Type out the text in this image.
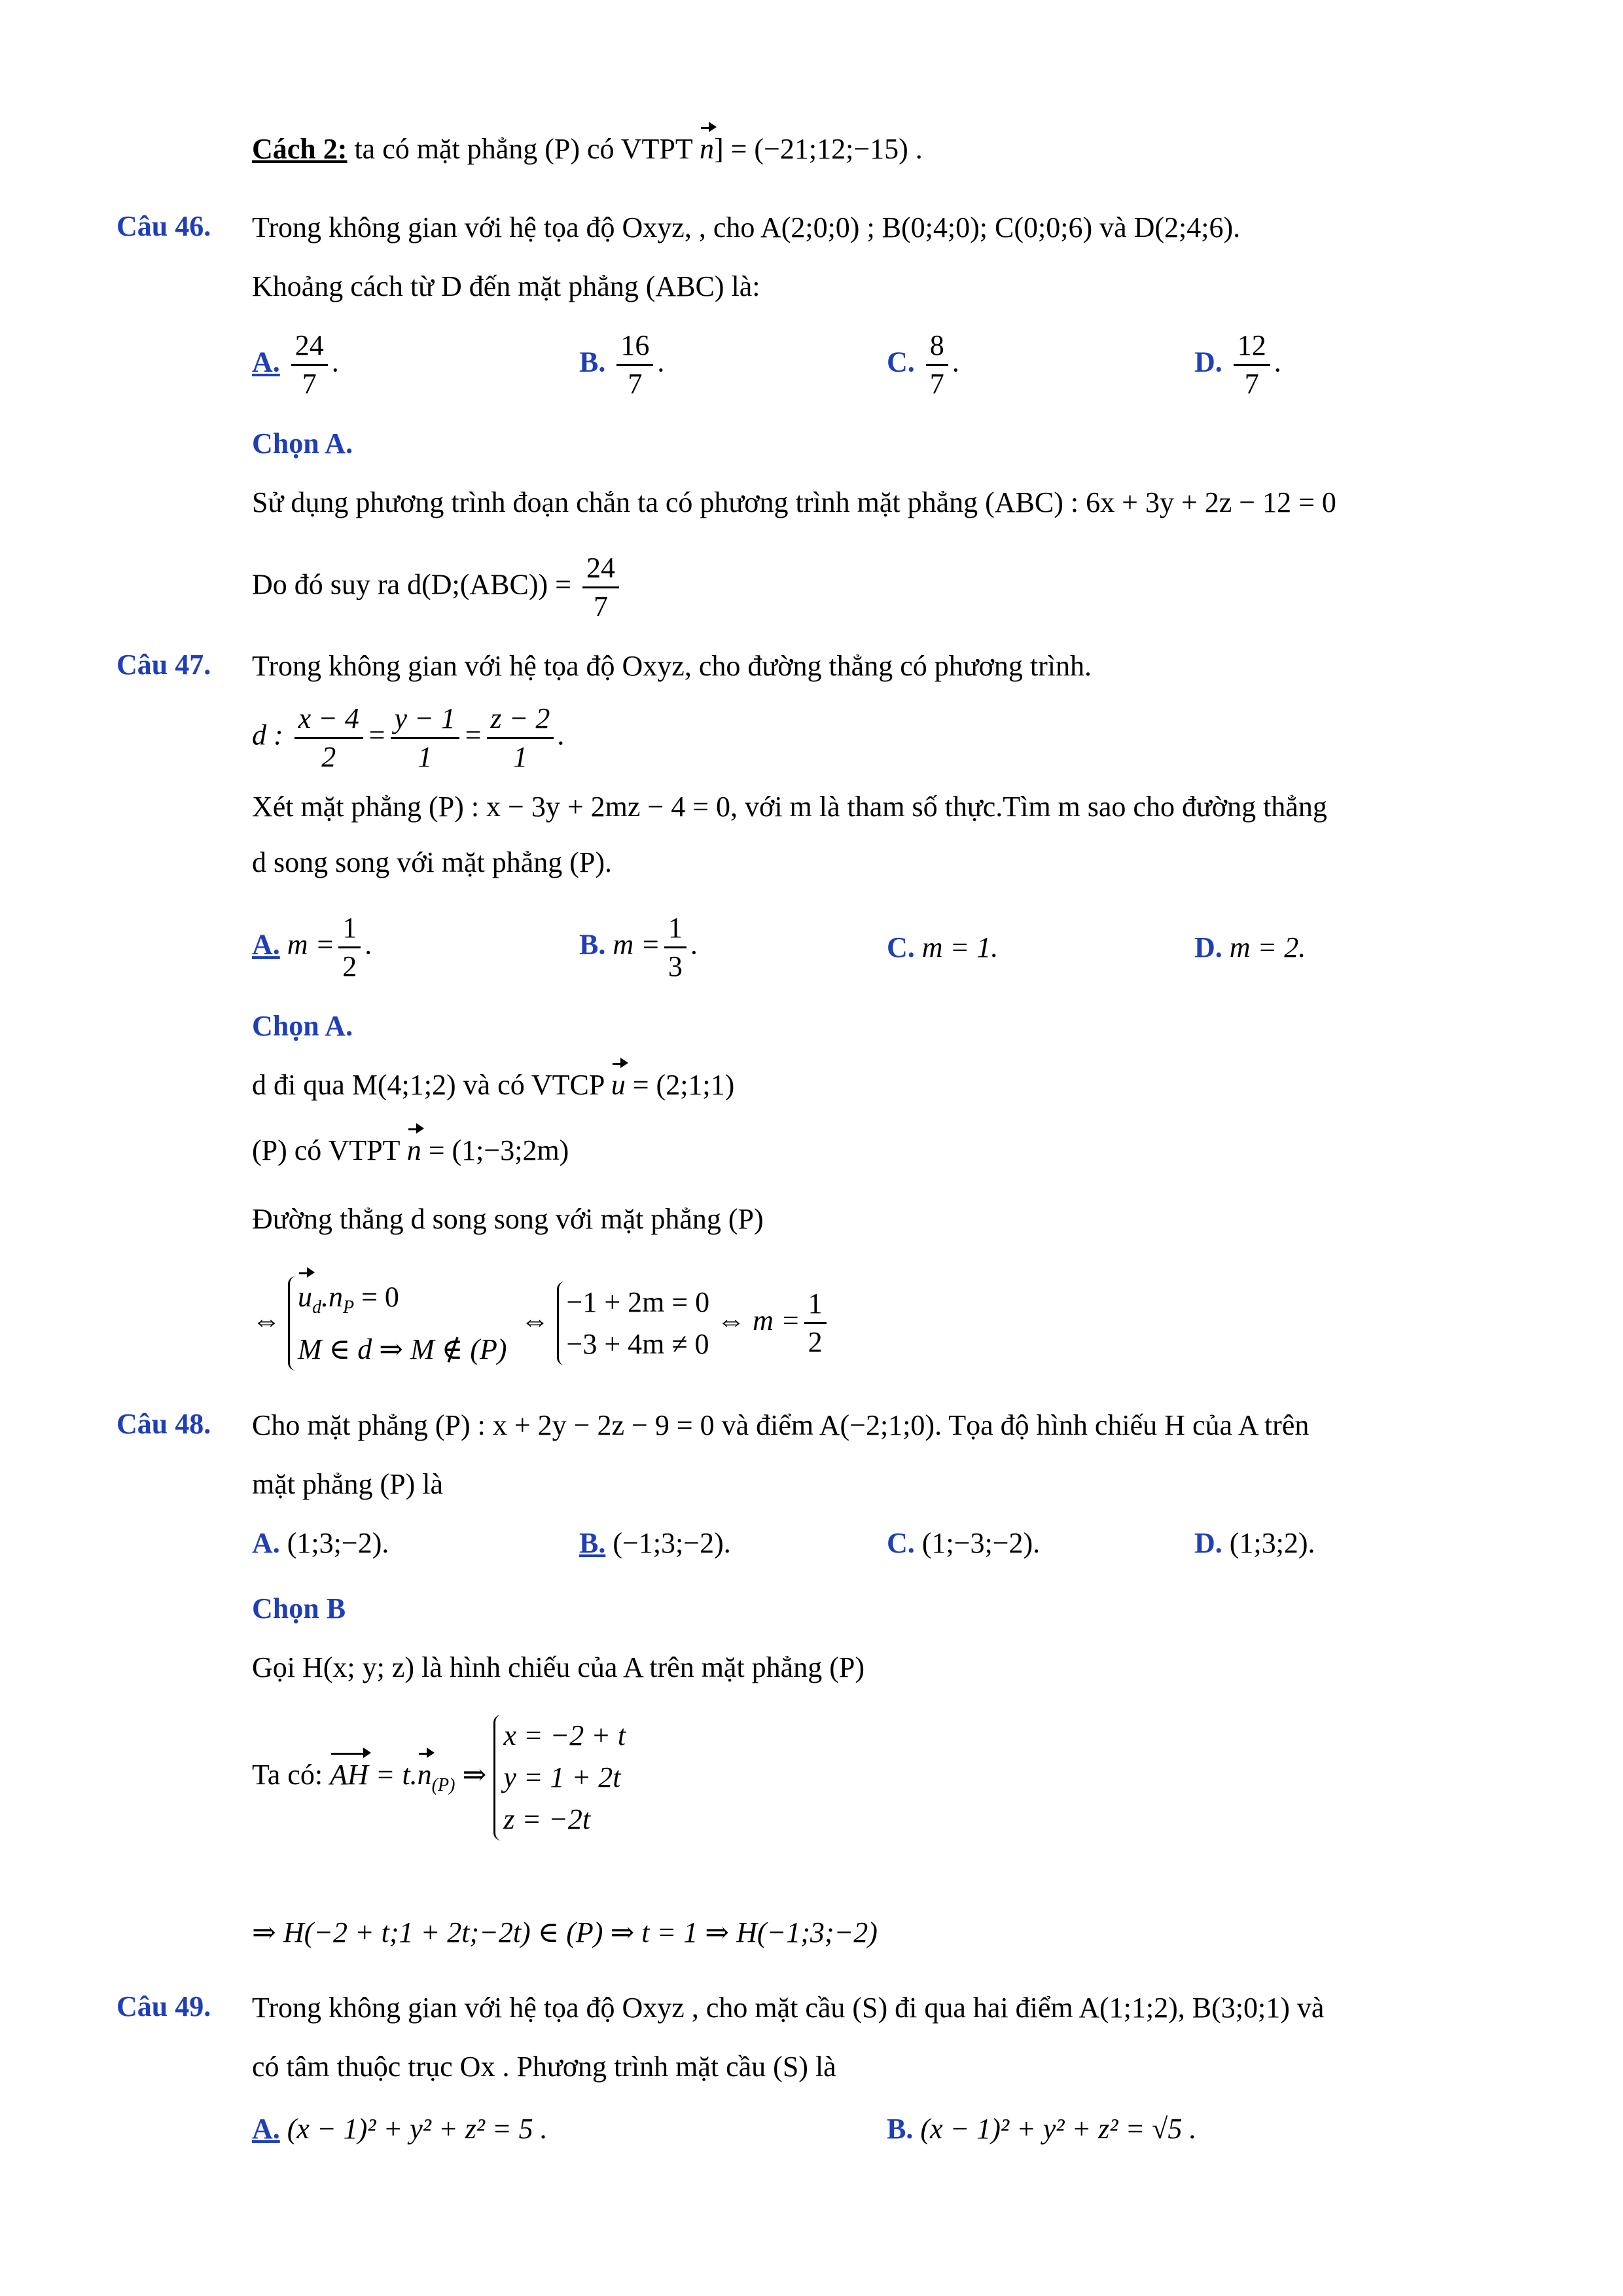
Cách 2: ta có mặt phẳng (P) có VTPT n] = (−21;12;−15) .
Câu 46. Trong không gian với hệ tọa độ Oxyz, , cho A(2;0;0) ; B(0;4;0); C(0;0;6) và D(2;4;6).
Khoảng cách từ D đến mặt phẳng (ABC) là:
A. $\frac{24}{7}$ .	B. $\frac{16}{7}$ .	C. $\frac{8}{7}$ .	D. $\frac{12}{7}$ .
Chọn A.
Sử dụng phương trình đoạn chắn ta có phương trình mặt phẳng (ABC) : 6x + 3y + 2z − 12 = 0
Do đó suy ra d(D;(ABC)) = $\frac{24}{7}$
Câu 47. Trong không gian với hệ tọa độ Oxyz, cho đường thẳng có phương trình.
d : $\frac{x - 4}{2} = \frac{y - 1}{1} = \frac{z - 2}{1}$ .
Xét mặt phẳng (P) : x − 3y + 2mz − 4 = 0, với m là tham số thực.Tìm m sao cho đường thẳng
d song song với mặt phẳng (P).
A. $m = \frac{1}{2}$ .	B. $m = \frac{1}{3}$ .	C. m = 1.	D. m = 2.
Chọn A.
d đi qua M(4;1;2) và có VTCP u = (2;1;1)
(P) có VTPT n = (1;−3;2m)
Đường thẳng d song song với mặt phẳng (P)
⇔
$u_d.n_P = 0$
M ∈ d ⇒ M ∉ (P)
⇔
−1 + 2m = 0
−3 + 4m ≠ 0
⇔ $m = \frac{1}{2}$
Câu 48. Cho mặt phẳng (P) : x + 2y − 2z − 9 = 0 và điểm A(−2;1;0). Tọa độ hình chiếu H của A trên
mặt phẳng (P) là
A. (1;3;−2).	B. (−1;3;−2).	C. (1;−3;−2).	D. (1;3;2).
Chọn B
Gọi H(x; y; z) là hình chiếu của A trên mặt phẳng (P)
Ta có: AH = $t.n_{(P)}$ ⇒
x = −2 + t
y = 1 + 2t
z = −2t
⇒ H(−2 + t;1 + 2t;−2t) ∈ (P) ⇒ t = 1 ⇒ H(−1;3;−2)
Câu 49. Trong không gian với hệ tọa độ Oxyz , cho mặt cầu (S) đi qua hai điểm A(1;1;2), B(3;0;1) và
có tâm thuộc trục Ox . Phương trình mặt cầu (S) là
A. (x − 1)² + y² + z² = 5 .	B. (x − 1)² + y² + z² = √5 .
